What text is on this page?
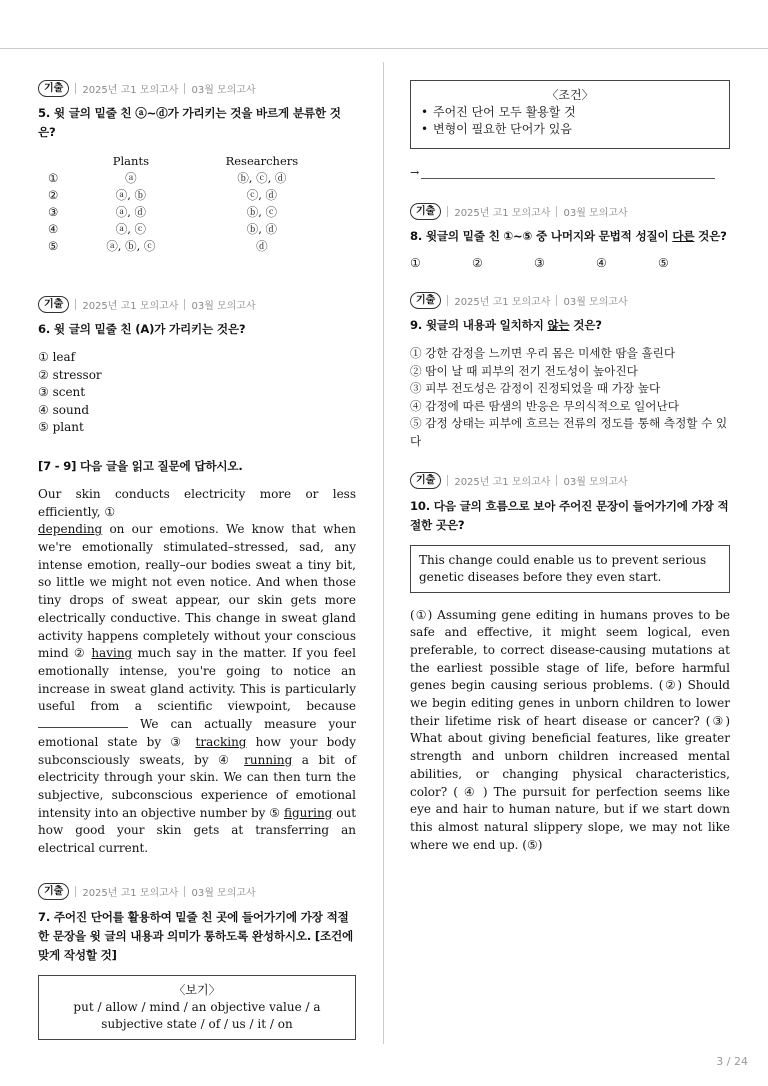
기출	2025년 고1 모의고사 03월 모의고사
5. 윗 글의 밑줄 친 ⓐ~ⓓ가 가리키는 것을 바르게 분류한 것은?
	Plants	Researchers
①	ⓐ	ⓑ, ⓒ, ⓓ
②	ⓐ, ⓑ	ⓒ, ⓓ
③	ⓐ, ⓓ	ⓑ, ⓒ
④	ⓐ, ⓒ	ⓑ, ⓓ
⑤	ⓐ, ⓑ, ⓒ	ⓓ
기출	2025년 고1 모의고사 03월 모의고사
6. 윗 글의 밑줄 친 (A)가 가리키는 것은?
① leaf
② stressor
③ scent
④ sound
⑤ plant
[7 - 9] 다음 글을 읽고 질문에 답하시오.
Our skin conducts electricity more or less efficiently, ①
depending on our emotions. We know that when we're emotionally stimulated–stressed, sad, any intense emotion, really–our bodies sweat a tiny bit, so little we might not even notice. And when those tiny drops of sweat appear, our skin gets more electrically conductive. This change in sweat gland activity happens completely without your conscious mind ② having much say in the matter. If you feel emotionally intense, you're going to notice an increase in sweat gland activity. This is particularly useful from a scientific viewpoint, because  We can actually measure your emotional state by ③ tracking how your body subconsciously sweats, by ④ running a bit of electricity through your skin. We can then turn the subjective, subconscious experience of emotional intensity into an objective number by ⑤ figuring out how good your skin gets at transferring an electrical current.
기출	2025년 고1 모의고사 03월 모의고사
7. 주어진 단어를 활용하여 밑줄 친 곳에 들어가기에 가장 적절한 문장을 윗 글의 내용과 의미가 통하도록 완성하시오. [조건에 맞게 작성할 것]
〈보기〉
put / allow / mind / an objective value / a subjective state / of / us / it / on
〈조건〉
• 주어진 단어 모두 활용할 것
• 변형이 필요한 단어가 있음
→
기출	2025년 고1 모의고사 03월 모의고사
8. 윗글의 밑줄 친 ①~⑤ 중 나머지와 문법적 성질이 다른 것은?
①	②	③	④	⑤
기출	2025년 고1 모의고사 03월 모의고사
9. 윗글의 내용과 일치하지 않는 것은?
① 강한 감정을 느끼면 우리 몸은 미세한 땀을 흘린다
② 땀이 날 때 피부의 전기 전도성이 높아진다
③ 피부 전도성은 감정이 진정되었을 때 가장 높다
④ 감정에 따른 땀샘의 반응은 무의식적으로 일어난다
⑤ 감정 상태는 피부에 흐르는 전류의 정도를 통해 측정할 수 있다
기출	2025년 고1 모의고사 03월 모의고사
10. 다음 글의 흐름으로 보아 주어진 문장이 들어가기에 가장 적절한 곳은?
This change could enable us to prevent serious genetic diseases before they even start.
(①) Assuming gene editing in humans proves to be safe and effective, it might seem logical, even preferable, to correct disease-causing mutations at the earliest possible stage of life, before harmful genes begin causing serious problems. (②) Should we begin editing genes in unborn children to lower their lifetime risk of heart disease or cancer? (③) What about giving beneficial features, like greater strength and unborn children increased mental abilities, or changing physical characteristics, color? ( ④ ) The pursuit for perfection seems like eye and hair to human nature, but if we start down this almost natural slippery slope, we may not like where we end up. (⑤)
3 / 24
